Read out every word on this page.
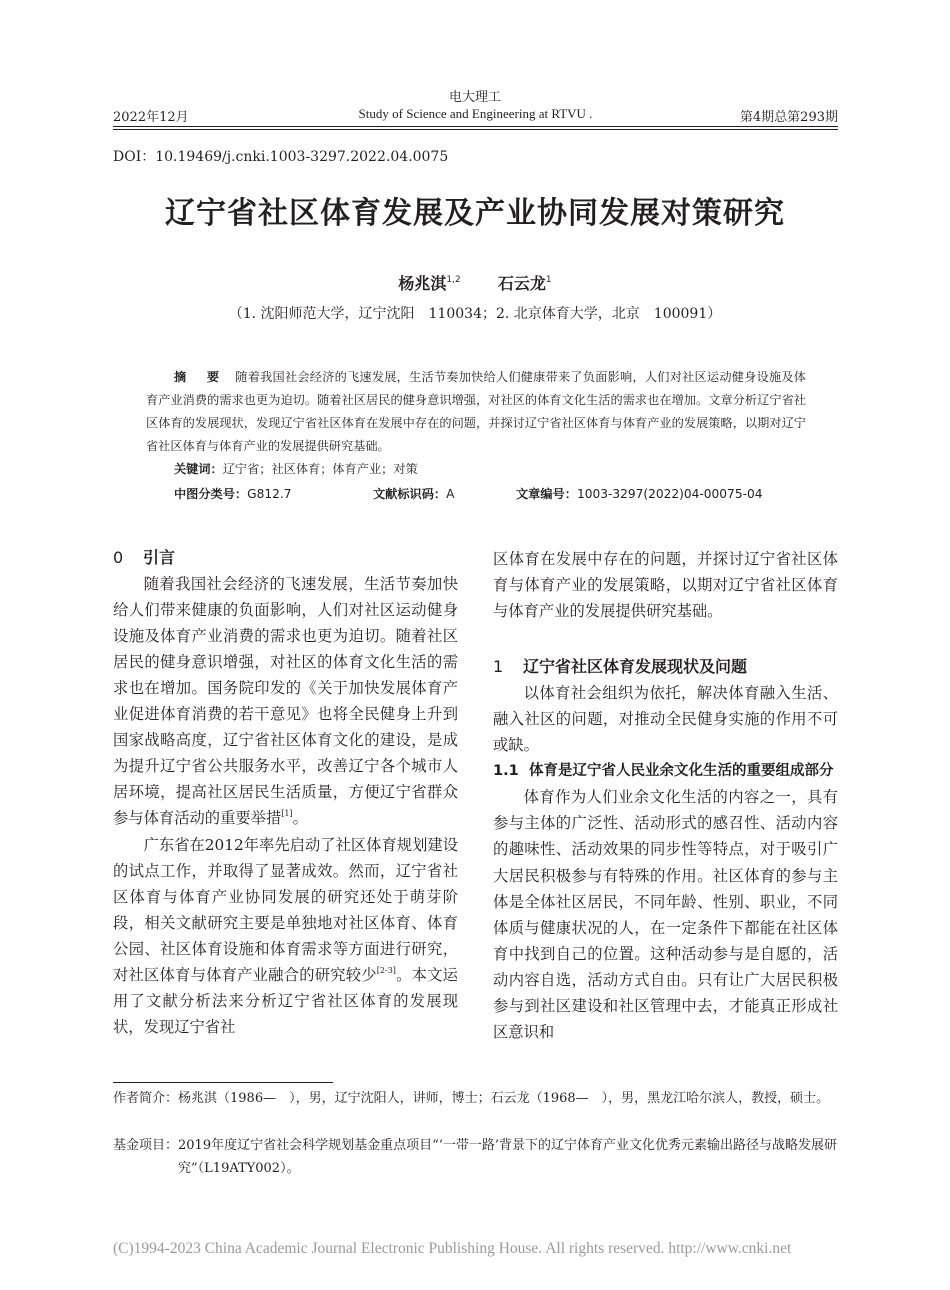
电大理工
Study of Science and Engineering at RTVU .
2022年12月	第4期总第293期
DOI：10.19469/j.cnki.1003-3297.2022.04.0075
辽宁省社区体育发展及产业协同发展对策研究
杨兆淇$^{1,2}$ 石云龙$^1$
（1. 沈阳师范大学，辽宁沈阳　110034；2. 北京体育大学，北京　100091）
摘 要 随着我国社会经济的飞速发展，生活节奏加快给人们健康带来了负面影响，人们对社区运动健身设施及体育产业消费的需求也更为迫切。随着社区居民的健身意识增强，对社区的体育文化生活的需求也在增加。文章分析辽宁省社区体育的发展现状，发现辽宁省社区体育在发展中存在的问题，并探讨辽宁省社区体育与体育产业的发展策略，以期对辽宁省社区体育与体育产业的发展提供研究基础。
关键词：辽宁省；社区体育；体育产业；对策
中图分类号：G812.7	文献标识码：A	文章编号：1003-3297(2022)04-00075-04
0 引言

随着我国社会经济的飞速发展，生活节奏加快给人们带来健康的负面影响，人们对社区运动健身设施及体育产业消费的需求也更为迫切。随着社区居民的健身意识增强，对社区的体育文化生活的需求也在增加。国务院印发的《关于加快发展体育产业促进体育消费的若干意见》也将全民健身上升到国家战略高度，辽宁省社区体育文化的建设，是成为提升辽宁省公共服务水平，改善辽宁各个城市人居环境，提高社区居民生活质量，方便辽宁省群众参与体育活动的重要举措[1]。

广东省在2012年率先启动了社区体育规划建设的试点工作，并取得了显著成效。然而，辽宁省社区体育与体育产业协同发展的研究还处于萌芽阶段，相关文献研究主要是单独地对社区体育、体育公园、社区体育设施和体育需求等方面进行研究，对社区体育与体育产业融合的研究较少[2-3]。本文运用了文献分析法来分析辽宁省社区体育的发展现状，发现辽宁省社

区体育在发展中存在的问题，并探讨辽宁省社区体育与体育产业的发展策略，以期对辽宁省社区体育与体育产业的发展提供研究基础。

1 辽宁省社区体育发展现状及问题

以体育社会组织为依托，解决体育融入生活、融入社区的问题，对推动全民健身实施的作用不可或缺。

1.1 体育是辽宁省人民业余文化生活的重要组成部分

体育作为人们业余文化生活的内容之一，具有参与主体的广泛性、活动形式的感召性、活动内容的趣味性、活动效果的同步性等特点，对于吸引广大居民积极参与有特殊的作用。社区体育的参与主体是全体社区居民，不同年龄、性别、职业，不同体质与健康状况的人，在一定条件下都能在社区体育中找到自己的位置。这种活动参与是自愿的，活动内容自选，活动方式自由。只有让广大居民积极参与到社区建设和社区管理中去，才能真正形成社区意识和

作者简介： 杨兆淇（1986—　），男，辽宁沈阳人，讲师，博士；石云龙（1968—　），男，黑龙江哈尔滨人，教授，硕士。
基金项目： 2019年度辽宁省社会科学规划基金重点项目“‘一带一路’背景下的辽宁体育产业文化优秀元素输出路径与战略发展研究”（L19ATY002）。
(C)1994-2023 China Academic Journal Electronic Publishing House. All rights reserved. http://www.cnki.net
